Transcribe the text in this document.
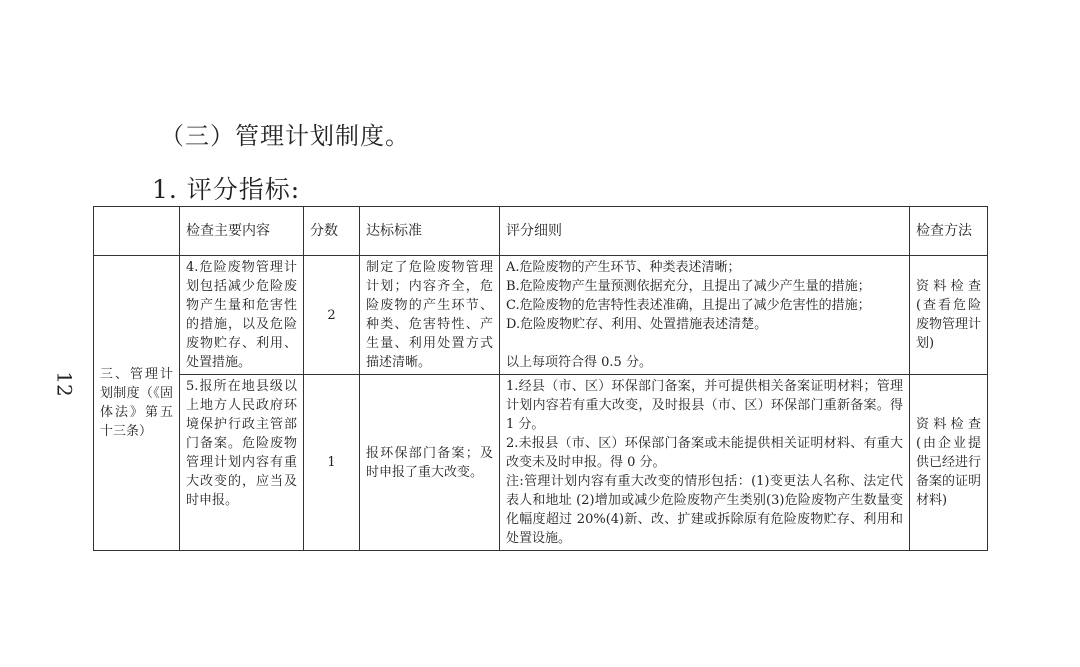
（三）管理计划制度。
1. 评分指标:
12
	检查主要内容	分数	达标标准	评分细则	检查方法
三、管理计划制度（《固体法》第五十三条）	4.危险废物管理计划包括减少危险废物产生量和危害性的措施，以及危险废物贮存、利用、处置措施。	2	制定了危险废物管理计划；内容齐全，危险废物的产生环节、种类、危害特性、产生量、利用处置方式描述清晰。	A.危险废物的产生环节、种类表述清晰；
B.危险废物产生量预测依据充分，且提出了减少产生量的措施；
C.危险废物的危害特性表述准确，且提出了减少危害性的措施；
D.危险废物贮存、利用、处置措施表述清楚。
以上每项符合得 0.5 分。	资料检查(查看危险废物管理计划)
	5.报所在地县级以上地方人民政府环境保护行政主管部门备案。危险废物管理计划内容有重大改变的，应当及时申报。	1	报环保部门备案；及时申报了重大改变。	1.经县（市、区）环保部门备案，并可提供相关备案证明材料；管理计划内容若有重大改变，及时报县（市、区）环保部门重新备案。得 1 分。
2.未报县（市、区）环保部门备案或未能提供相关证明材料、有重大改变未及时申报。得 0 分。
注:管理计划内容有重大改变的情形包括：(1)变更法人名称、法定代表人和地址 (2)增加或减少危险废物产生类别(3)危险废物产生数量变化幅度超过 20%(4)新、改、扩建或拆除原有危险废物贮存、利用和处置设施。	资料检查(由企业提供已经进行备案的证明材料)
